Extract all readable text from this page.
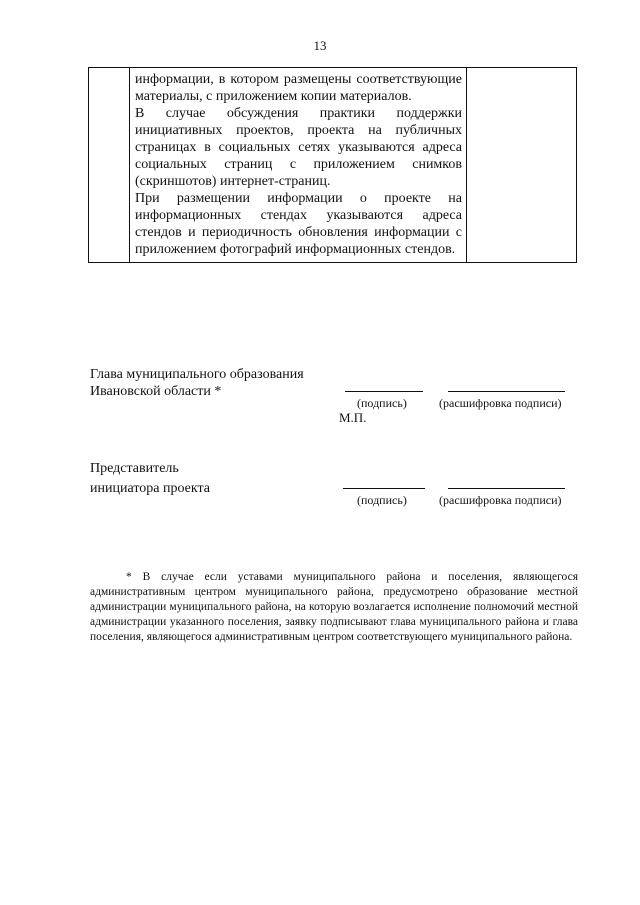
13

информации, в котором размещены соответствующие материалы, с приложением копии материалов.

В случае обсуждения практики поддержки инициативных проектов, проекта на публичных страницах в социальных сетях указываются адреса социальных страниц с приложением снимков (скриншотов) интернет-страниц.

При размещении информации о проекте на информационных стендах указываются адреса стендов и периодичность обновления информации с приложением фотографий информационных стендов.

Глава муниципального образования
Ивановской области *
(подпись)	(расшифровка подписи)
М.П.
Представитель
инициатора проекта
(подпись)	(расшифровка подписи)

* В случае если уставами муниципального района и поселения, являющегося административным центром муниципального района, предусмотрено образование местной администрации муниципального района, на которую возлагается исполнение полномочий местной администрации указанного поселения, заявку подписывают глава муниципального района и глава поселения, являющегося административным центром соответствующего муниципального района.
